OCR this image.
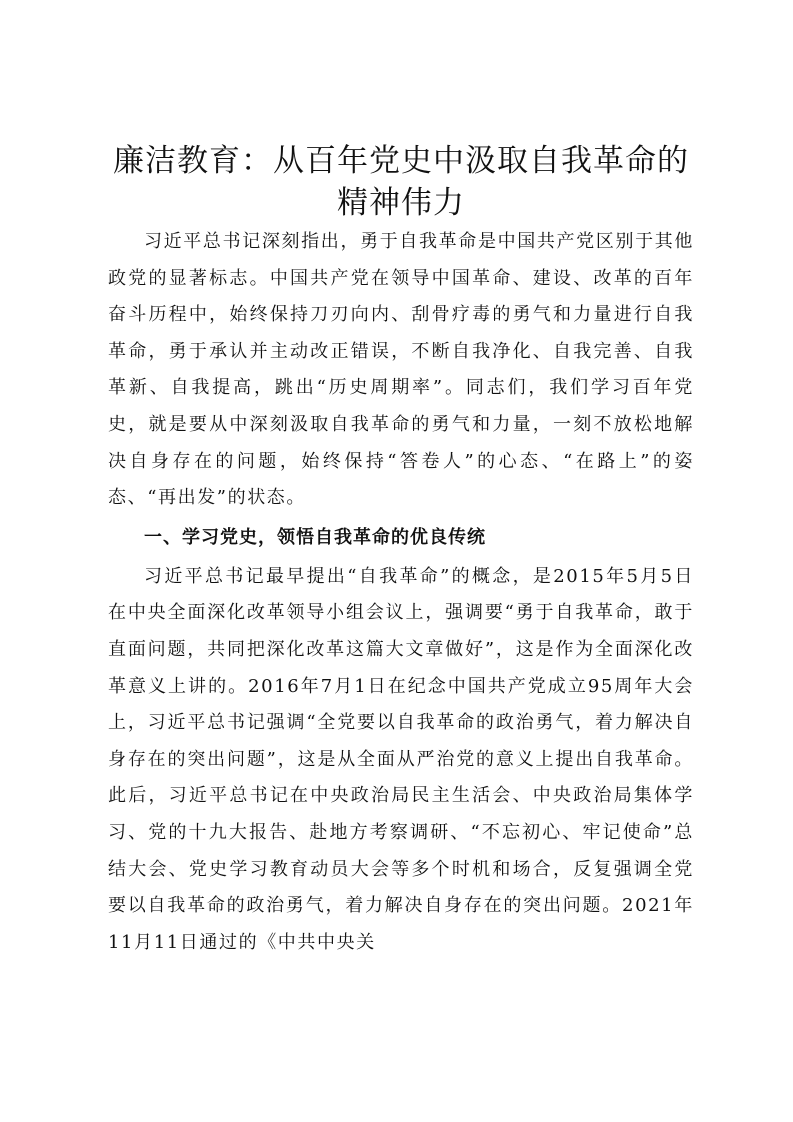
廉洁教育：从百年党史中汲取自我革命的精神伟力

习近平总书记深刻指出，勇于自我革命是中国共产党区别于其他政党的显著标志。中国共产党在领导中国革命、建设、改革的百年奋斗历程中，始终保持刀刃向内、刮骨疗毒的勇气和力量进行自我革命，勇于承认并主动改正错误，不断自我净化、自我完善、自我革新、自我提高，跳出“历史周期率”。同志们，我们学习百年党史，就是要从中深刻汲取自我革命的勇气和力量，一刻不放松地解决自身存在的问题，始终保持“答卷人”的心态、“在路上”的姿态、“再出发”的状态。

一、学习党史，领悟自我革命的优良传统

习近平总书记最早提出“自我革命”的概念，是2015年5月5日在中央全面深化改革领导小组会议上，强调要“勇于自我革命，敢于直面问题，共同把深化改革这篇大文章做好”，这是作为全面深化改革意义上讲的。2016年7月1日在纪念中国共产党成立95周年大会上，习近平总书记强调“全党要以自我革命的政治勇气，着力解决自身存在的突出问题”，这是从全面从严治党的意义上提出自我革命。此后，习近平总书记在中央政治局民主生活会、中央政治局集体学习、党的十九大报告、赴地方考察调研、“不忘初心、牢记使命”总结大会、党史学习教育动员大会等多个时机和场合，反复强调全党要以自我革命的政治勇气，着力解决自身存在的突出问题。2021年11月11日通过的《中共中央关
